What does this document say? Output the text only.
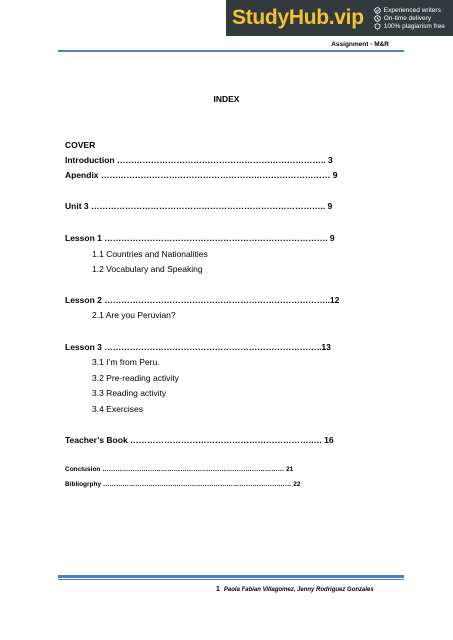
StudyHub.vip	Experienced writers
On-time delivery
100% plagiarism free
Assignment - M&R
INDEX
COVER
Introduction ……………………………………………………………….. 3
Apendix ……………………………………………………………………… 9
Unit 3 ……………………………………………………………………….. 9
Lesson 1 ……………………………………………………………………. 9
1.1 Countries and Nationalities
1.2 Vocabulary and Speaking
Lesson 2 ……………………………………………………………………..12
2.1 Are you Peruvian?
Lesson 3 …………………………………………………………………..13
3.1 I’m from Peru.
3.2 Pre-reading activity
3.3 Reading activity
3.4 Exercises
Teacher’s Book ……………………………………………………….…. 16
Conclusion ………………………………………………………………………… 21
Bibliogrphy …………………………………………………………………………… 22
1 Paola Fabian Villagomez, Jenny Rodriguez Gonzales
